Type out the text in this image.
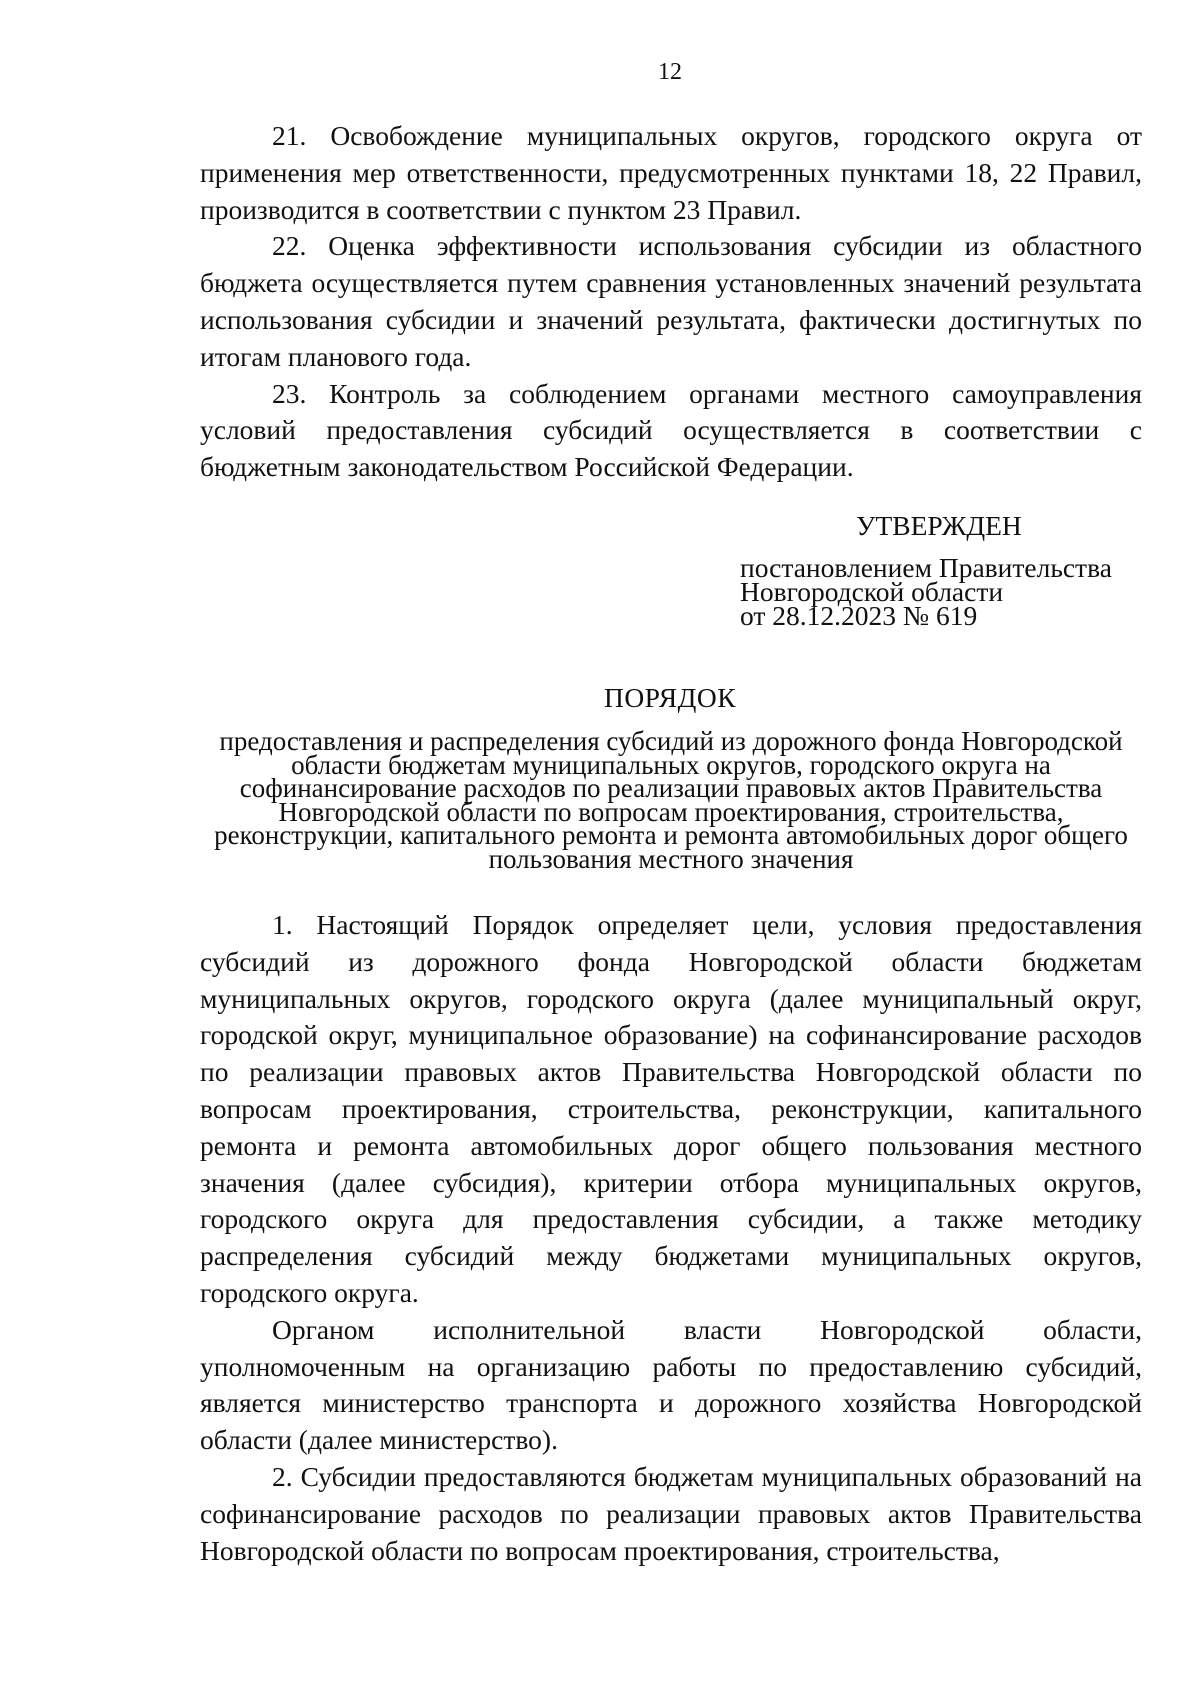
12

21. Освобождение муниципальных округов, городского округа от применения мер ответственности, предусмотренных пунктами 18, 22 Правил, производится в соответствии с пунктом 23 Правил.

22. Оценка эффективности использования субсидии из областного бюджета осуществляется путем сравнения установленных значений результата использования субсидии и значений результата, фактически достигнутых по итогам планового года.

23. Контроль за соблюдением органами местного самоуправления условий предоставления субсидий осуществляется в соответствии с бюджетным законодательством Российской Федерации.

УТВЕРЖДЕН

постановлением Правительства

Новгородской области

от 28.12.2023 № 619

ПОРЯДОК

предоставления и распределения субсидий из дорожного фонда Новгородской области бюджетам муниципальных округов, городского округа на софинансирование расходов по реализации правовых актов Правительства Новгородской области по вопросам проектирования, строительства, реконструкции, капитального ремонта и ремонта автомобильных дорог общего пользования местного значения

1. Настоящий Порядок определяет цели, условия предоставления субсидий из дорожного фонда Новгородской области бюджетам муниципальных округов, городского округа (далее муниципальный округ, городской округ, муниципальное образование) на софинансирование расходов по реализации правовых актов Правительства Новгородской области по вопросам проектирования, строительства, реконструкции, капитального ремонта и ремонта автомобильных дорог общего пользования местного значения (далее субсидия), критерии отбора муниципальных округов, городского округа для предоставления субсидии, а также методику распределения субсидий между бюджетами муниципальных округов, городского округа.

Органом исполнительной власти Новгородской области, уполномоченным на организацию работы по предоставлению субсидий, является министерство транспорта и дорожного хозяйства Новгородской области (далее министерство).

2. Субсидии предоставляются бюджетам муниципальных образований на софинансирование расходов по реализации правовых актов Правительства Новгородской области по вопросам проектирования, строительства,
